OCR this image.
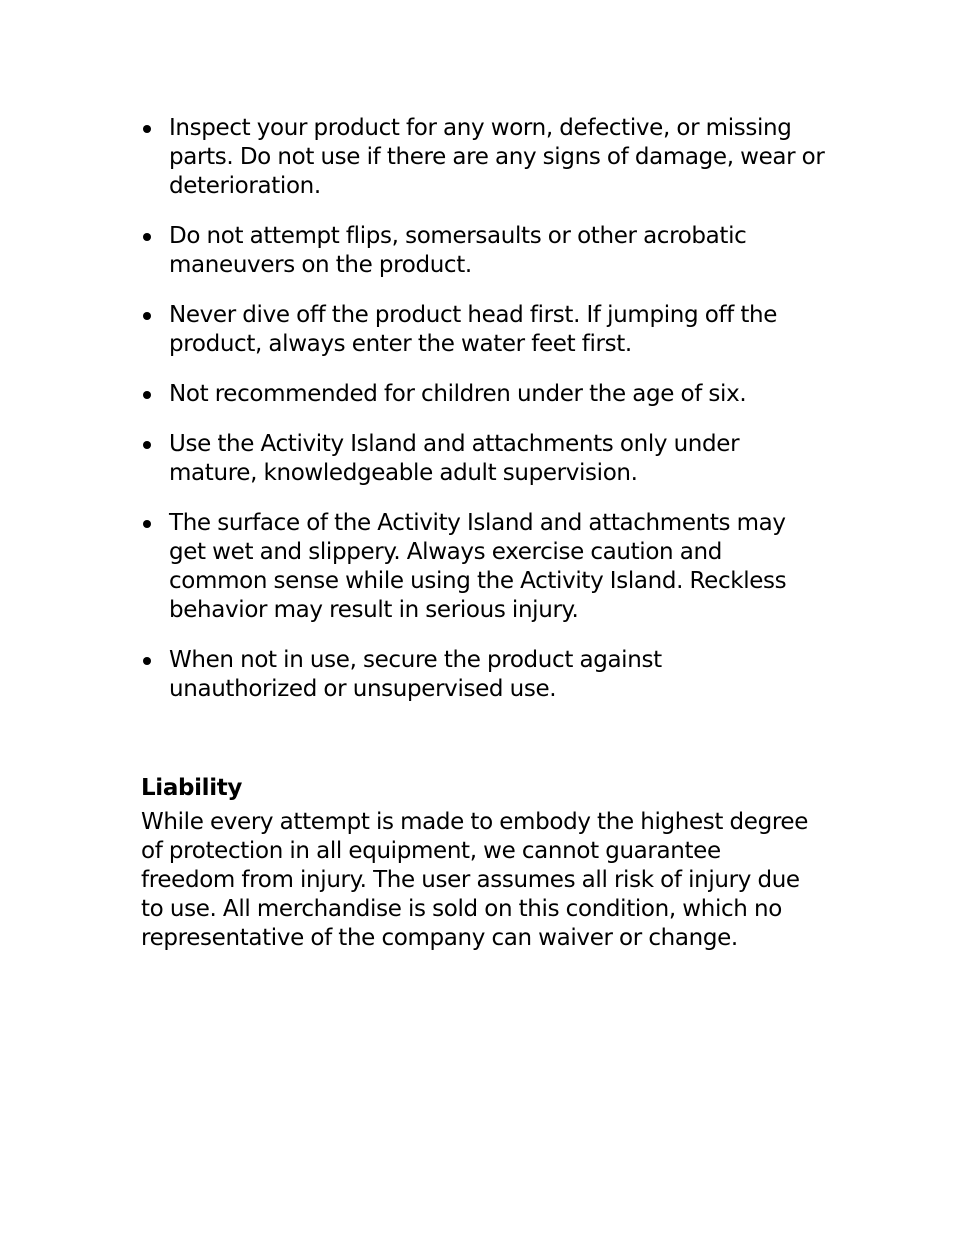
Inspect your product for any worn, defective, or missing
parts. Do not use if there are any signs of damage, wear or
deterioration.
Do not attempt flips, somersaults or other acrobatic
maneuvers on the product.
Never dive off the product head first. If jumping off the
product, always enter the water feet first.
Not recommended for children under the age of six.
Use the Activity Island and attachments only under
mature, knowledgeable adult supervision.
The surface of the Activity Island and attachments may
get wet and slippery. Always exercise caution and
common sense while using the Activity Island. Reckless
behavior may result in serious injury.
When not in use, secure the product against
unauthorized or unsupervised use.
Liability

While every attempt is made to embody the highest degree
of protection in all equipment, we cannot guarantee
freedom from injury. The user assumes all risk of injury due
to use. All merchandise is sold on this condition, which no
representative of the company can waiver or change.
